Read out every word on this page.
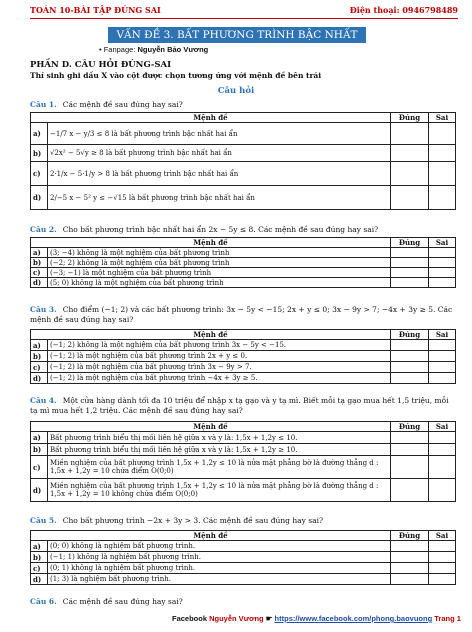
TOÁN 10-BÀI TẬP ĐÚNG SAI	Điện thoại: 0946798489
VẤN ĐỀ 3. BẤT PHƯƠNG TRÌNH BẬC NHẤT HAI ẨN
• Fanpage: Nguyễn Bảo Vương
PHẦN D. CÂU HỎI ĐÚNG-SAI
Thí sinh ghi dấu X vào cột được chọn tương ứng với mệnh đề bên trái
Câu hỏi
Câu 1. Các mệnh đề sau đúng hay sai?
Mệnh đề		Đúng	Sai
a)	−1/7 x − y/3 ≤ 8 là bất phương trình bậc nhất hai ẩn		
b)	√2x² − 5√y ≥ 8 là bất phương trình bậc nhất hai ẩn		
c)	2·1/x − 5·1/y > 8 là bất phương trình bậc nhất hai ẩn		
d)	2/−5 x − 5² y ≤ −√15 là bất phương trình bậc nhất hai ẩn		
Câu 2. Cho bất phương trình bậc nhất hai ẩn 2x − 5y ≤ 8. Các mệnh đề sau đúng hay sai?
Mệnh đề		Đúng	Sai
a)	(3; −4) không là một nghiệm của bất phương trình		
b)	(−2; 2) không là một nghiệm của bất phương trình		
c)	(−3; −1) là một nghiệm của bất phương trình		
d)	(5; 0) không là một nghiệm của bất phương trình		
Câu 3. Cho điểm (−1; 2) và các bất phương trình: 3x − 5y < −15; 2x + y ≤ 0; 3x − 9y > 7; −4x + 3y ≥ 5. Các mệnh đề sau đúng hay sai?
Mệnh đề		Đúng	Sai
a)	(−1; 2) không là một nghiệm của bất phương trình 3x − 5y < −15.		
b)	(−1; 2) là một nghiệm của bất phương trình 2x + y ≤ 0.		
c)	(−1; 2) là một nghiệm của bất phương trình 3x − 9y > 7.		
d)	(−1; 2) là một nghiệm của bất phương trình −4x + 3y ≥ 5.		
Câu 4. Một cửa hàng dành tối đa 10 triệu để nhập x tạ gạo và y tạ mì. Biết mỗi tạ gạo mua hết 1,5 triệu, mỗi tạ mì mua hết 1,2 triệu. Các mệnh đề sau đúng hay sai?
Mệnh đề		Đúng	Sai
a)	Bất phương trình biểu thị mối liên hệ giữa x và y là: 1,5x + 1,2y ≤ 10.		
b)	Bất phương trình biểu thị mối liên hệ giữa x và y là: 1,5x + 1,2y ≥ 10.		
c)	Miền nghiệm của bất phương trình 1,5x + 1,2y ≤ 10 là nửa mặt phẳng bờ là đường thẳng d : 1,5x + 1,2y = 10 chứa điểm O(0;0)		
d)	Miền nghiệm của bất phương trình 1,5x + 1,2y ≤ 10 là nửa mặt phẳng bờ là đường thẳng d : 1,5x + 1,2y = 10 không chứa điểm O(0;0)		
Câu 5. Cho bất phương trình −2x + 3y > 3. Các mệnh đề sau đúng hay sai?
Mệnh đề		Đúng	Sai
a)	(0; 0) không là nghiệm bất phương trình.		
b)	(−1; 1) không là nghiệm bất phương trình.		
c)	(0; 1) không là nghiệm bất phương trình.		
d)	(1; 3) là nghiệm bất phương trình.		
Câu 6. Các mệnh đề sau đúng hay sai?
Facebook Nguyễn Vương ☛ https://www.facebook.com/phong.baovuong Trang 1
